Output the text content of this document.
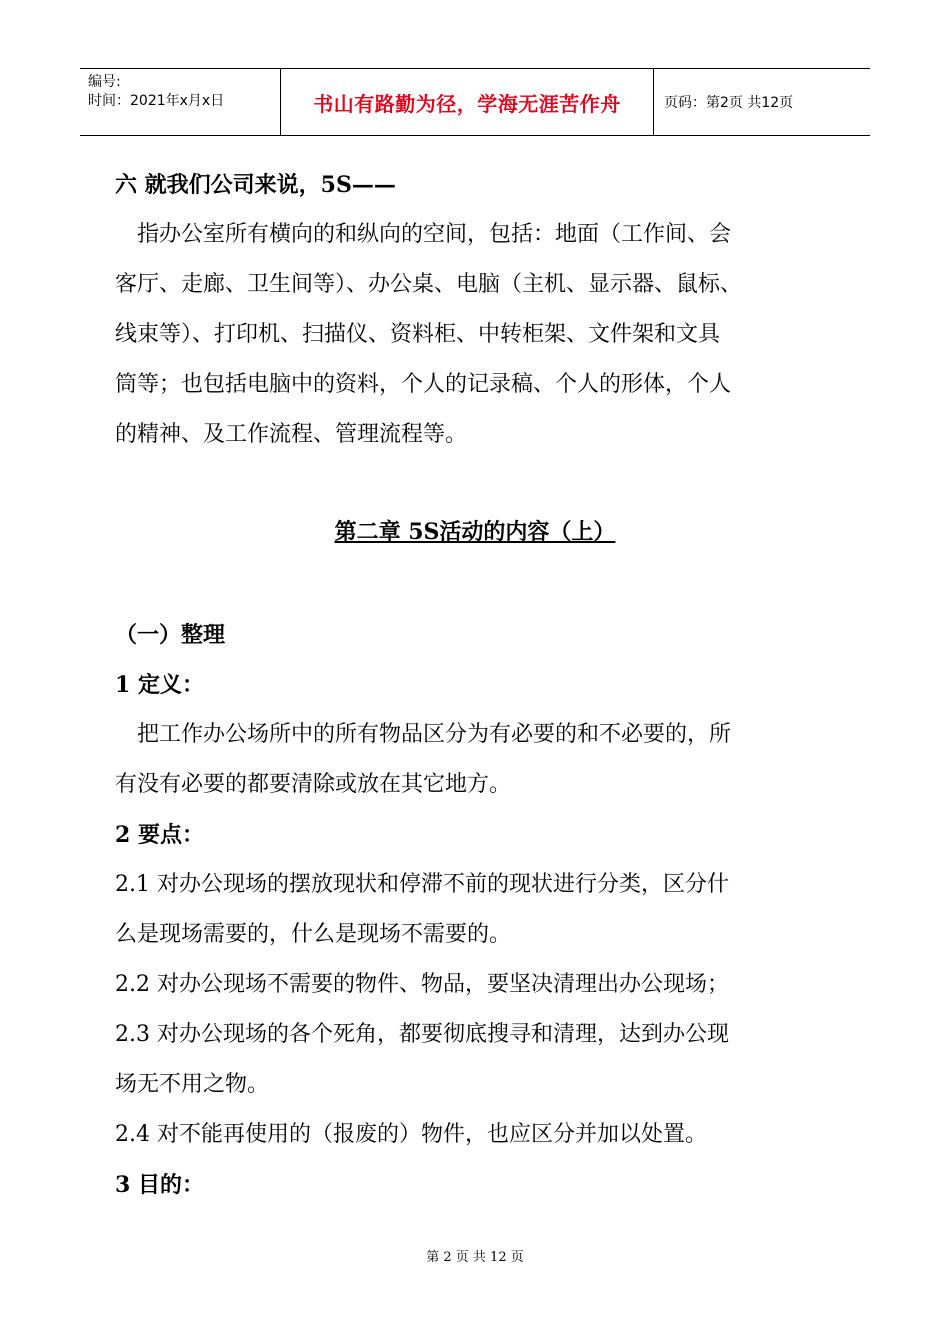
编号:
时间：2021年x月x日	书山有路勤为径，学海无涯苦作舟	页码：第2页 共12页
六 就我们公司来说，5S——
指办公室所有横向的和纵向的空间，包括：地面（工作间、会
客厅、走廊、卫生间等）、办公桌、电脑（主机、显示器、鼠标、
线束等）、打印机、扫描仪、资料柜、中转柜架、文件架和文具
筒等；也包括电脑中的资料，个人的记录稿、个人的形体，个人
的精神、及工作流程、管理流程等。
第二章 5S活动的内容（上）
（一）整理
1 定义：
把工作办公场所中的所有物品区分为有必要的和不必要的，所
有没有必要的都要清除或放在其它地方。
2 要点：
2.1 对办公现场的摆放现状和停滞不前的现状进行分类，区分什
么是现场需要的，什么是现场不需要的。
2.2 对办公现场不需要的物件、物品，要坚决清理出办公现场；
2.3 对办公现场的各个死角，都要彻底搜寻和清理，达到办公现
场无不用之物。
2.4 对不能再使用的（报废的）物件，也应区分并加以处置。
3 目的：
第 2 页 共 12 页
